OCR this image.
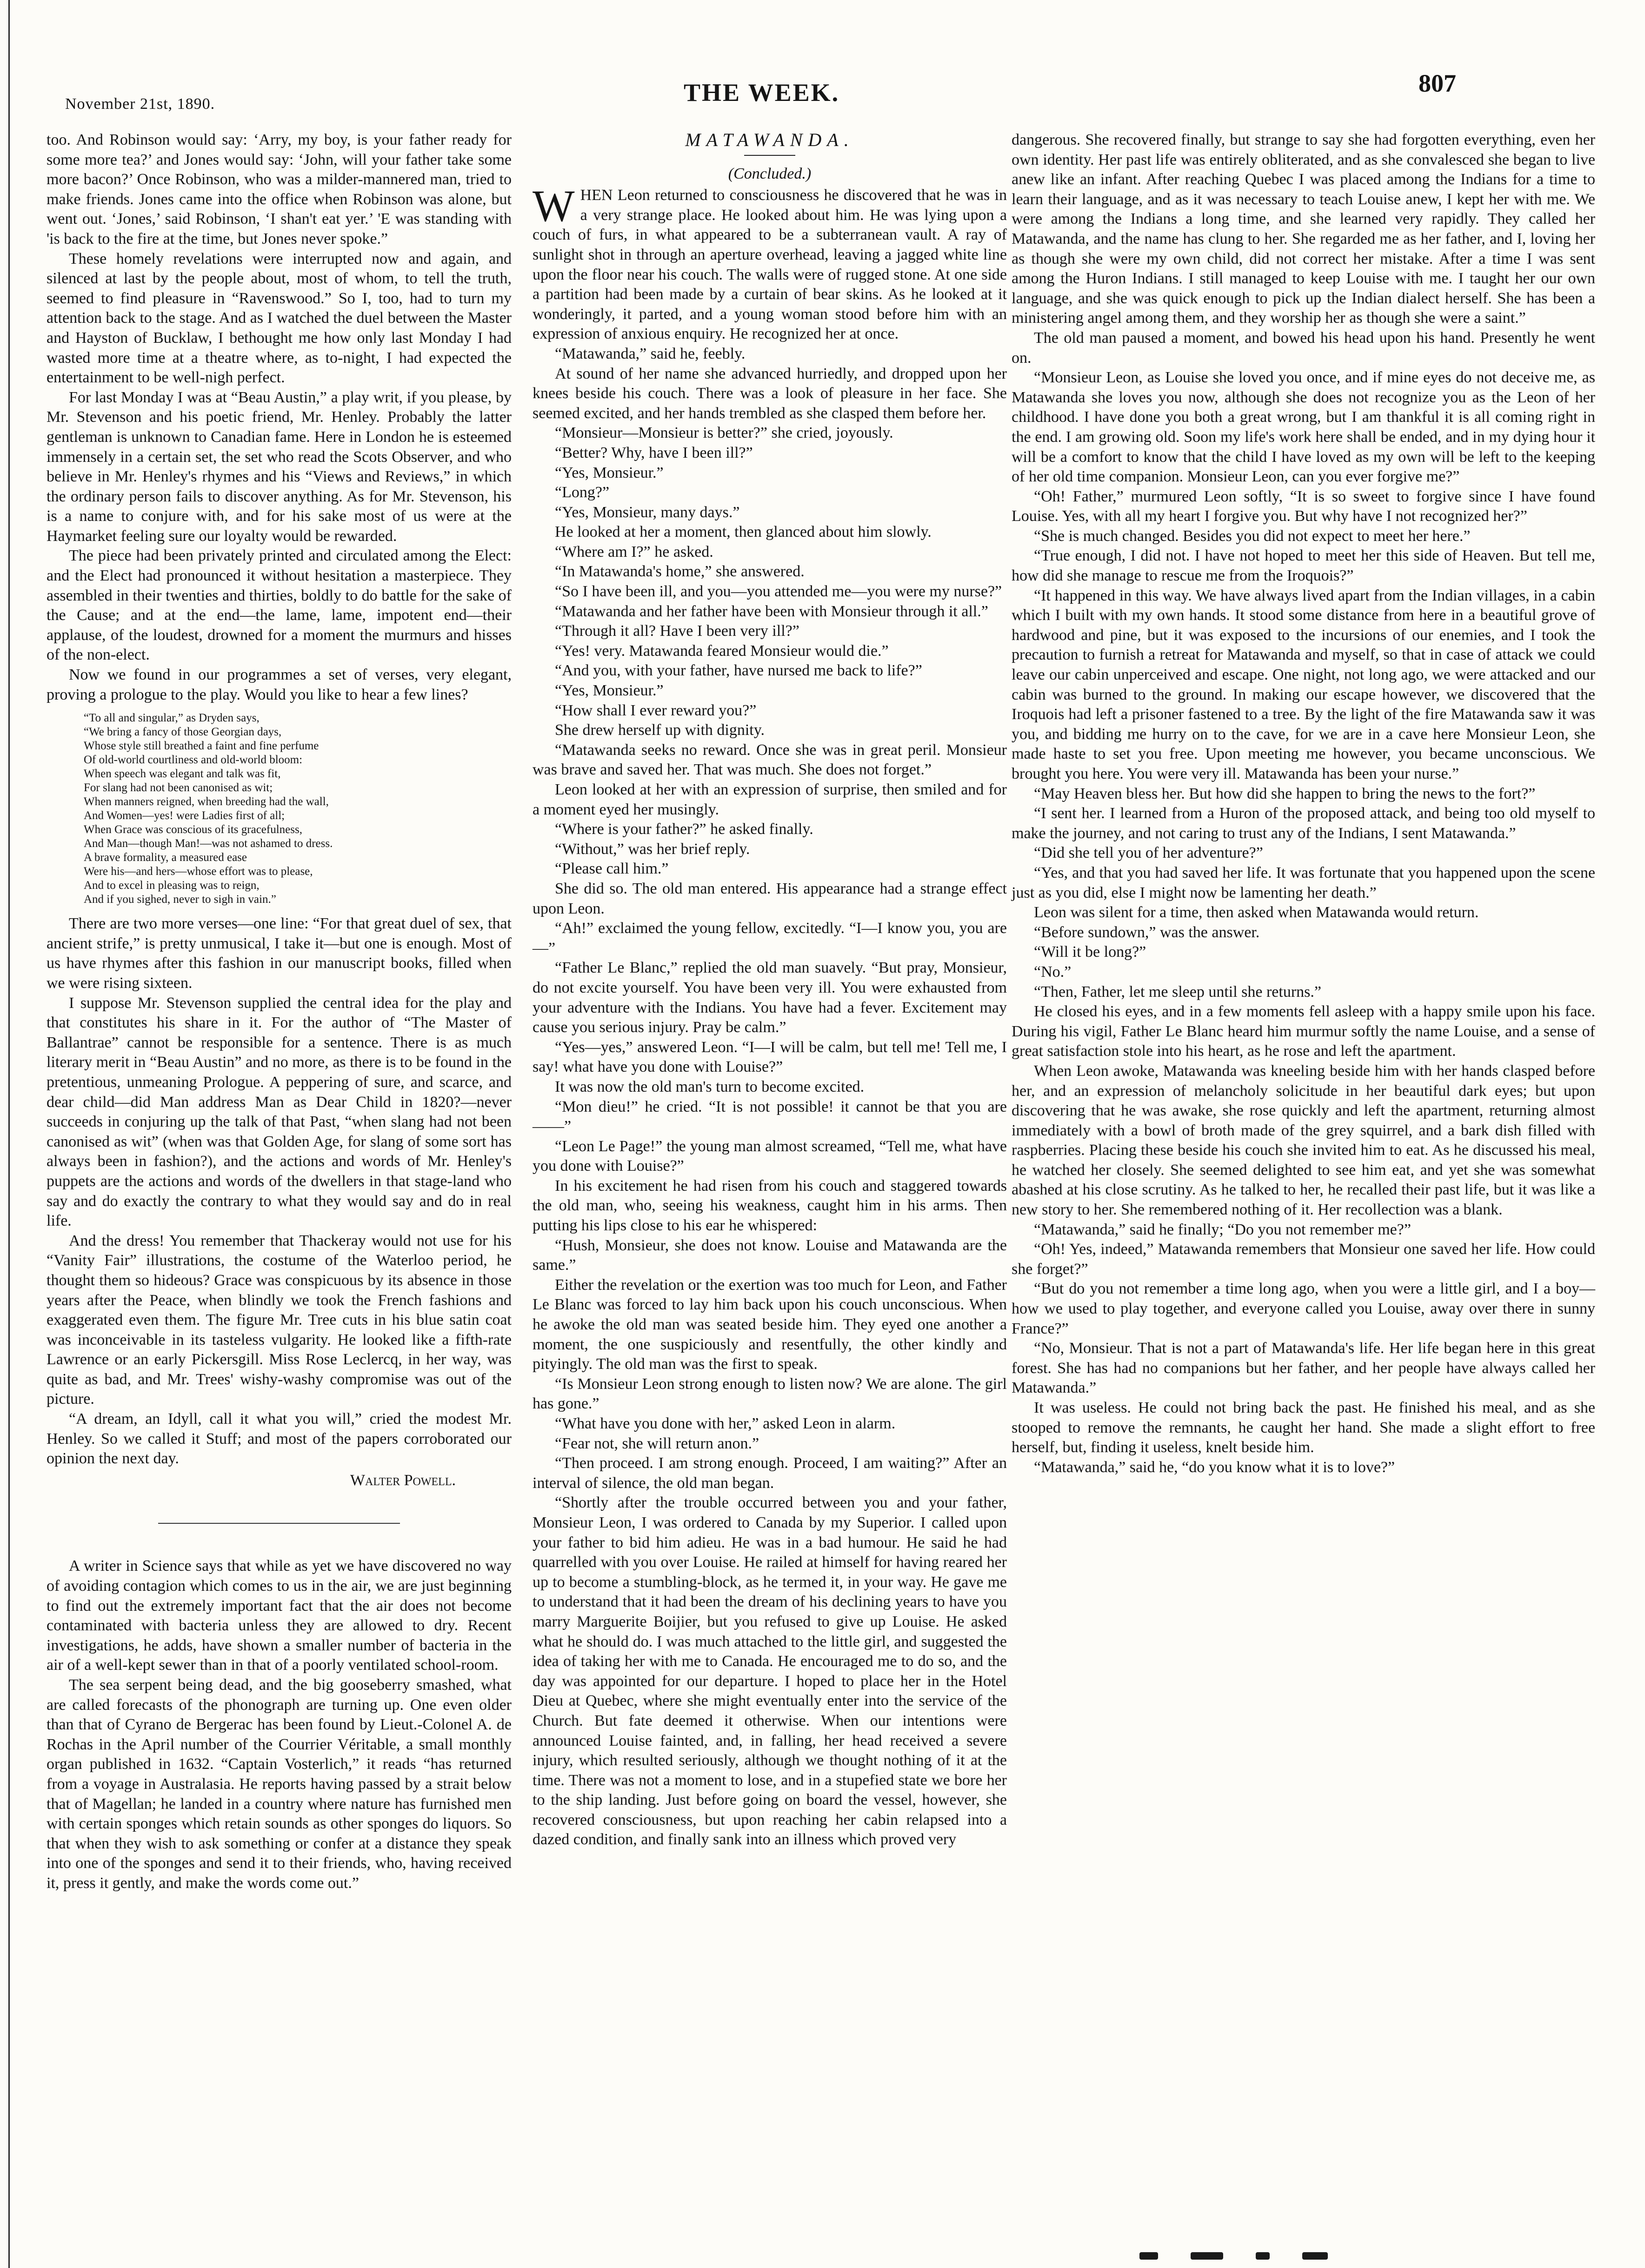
November 21st, 1890.	THE WEEK.	807

too. And Robinson would say: ‘Arry, my boy, is your father ready for some more tea?’ and Jones would say: ‘John, will your father take some more bacon?’ Once Robinson, who was a milder-mannered man, tried to make friends. Jones came into the office when Robinson was alone, but went out. ‘Jones,’ said Robinson, ‘I shan't eat yer.’ 'E was standing with 'is back to the fire at the time, but Jones never spoke.”

These homely revelations were interrupted now and again, and silenced at last by the people about, most of whom, to tell the truth, seemed to find pleasure in “Ravenswood.” So I, too, had to turn my attention back to the stage. And as I watched the duel between the Master and Hayston of Bucklaw, I bethought me how only last Monday I had wasted more time at a theatre where, as to-night, I had expected the entertainment to be well-nigh perfect.

For last Monday I was at “Beau Austin,” a play writ, if you please, by Mr. Stevenson and his poetic friend, Mr. Henley. Probably the latter gentleman is unknown to Canadian fame. Here in London he is esteemed immensely in a certain set, the set who read the Scots Observer, and who believe in Mr. Henley's rhymes and his “Views and Reviews,” in which the ordinary person fails to discover anything. As for Mr. Stevenson, his is a name to conjure with, and for his sake most of us were at the Haymarket feeling sure our loyalty would be rewarded.

The piece had been privately printed and circulated among the Elect: and the Elect had pronounced it without hesitation a masterpiece. They assembled in their twenties and thirties, boldly to do battle for the sake of the Cause; and at the end—the lame, lame, impotent end—their applause, of the loudest, drowned for a moment the murmurs and hisses of the non-elect.

Now we found in our programmes a set of verses, very elegant, proving a prologue to the play. Would you like to hear a few lines?

“To all and singular,” as Dryden says,
“We bring a fancy of those Georgian days,
Whose style still breathed a faint and fine perfume
Of old-world courtliness and old-world bloom:
When speech was elegant and talk was fit,
For slang had not been canonised as wit;
When manners reigned, when breeding had the wall,
And Women—yes! were Ladies first of all;
When Grace was conscious of its gracefulness,
And Man—though Man!—was not ashamed to dress.
A brave formality, a measured ease
Were his—and hers—whose effort was to please,
And to excel in pleasing was to reign,
And if you sighed, never to sigh in vain.”

There are two more verses—one line: “For that great duel of sex, that ancient strife,” is pretty unmusical, I take it—but one is enough. Most of us have rhymes after this fashion in our manuscript books, filled when we were rising sixteen.

I suppose Mr. Stevenson supplied the central idea for the play and that constitutes his share in it. For the author of “The Master of Ballantrae” cannot be responsible for a sentence. There is as much literary merit in “Beau Austin” and no more, as there is to be found in the pretentious, unmeaning Prologue. A peppering of sure, and scarce, and dear child—did Man address Man as Dear Child in 1820?—never succeeds in conjuring up the talk of that Past, “when slang had not been canonised as wit” (when was that Golden Age, for slang of some sort has always been in fashion?), and the actions and words of Mr. Henley's puppets are the actions and words of the dwellers in that stage-land who say and do exactly the contrary to what they would say and do in real life.

And the dress! You remember that Thackeray would not use for his “Vanity Fair” illustrations, the costume of the Waterloo period, he thought them so hideous? Grace was conspicuous by its absence in those years after the Peace, when blindly we took the French fashions and exaggerated even them. The figure Mr. Tree cuts in his blue satin coat was inconceivable in its tasteless vulgarity. He looked like a fifth-rate Lawrence or an early Pickersgill. Miss Rose Leclercq, in her way, was quite as bad, and Mr. Trees' wishy-washy compromise was out of the picture.

“A dream, an Idyll, call it what you will,” cried the modest Mr. Henley. So we called it Stuff; and most of the papers corroborated our opinion the next day.

Walter Powell.

A writer in Science says that while as yet we have discovered no way of avoiding contagion which comes to us in the air, we are just beginning to find out the extremely important fact that the air does not become contaminated with bacteria unless they are allowed to dry. Recent investigations, he adds, have shown a smaller number of bacteria in the air of a well-kept sewer than in that of a poorly ventilated school-room.

The sea serpent being dead, and the big gooseberry smashed, what are called forecasts of the phonograph are turning up. One even older than that of Cyrano de Bergerac has been found by Lieut.-Colonel A. de Rochas in the April number of the Courrier Véritable, a small monthly organ published in 1632. “Captain Vosterlich,” it reads “has returned from a voyage in Australasia. He reports having passed by a strait below that of Magellan; he landed in a country where nature has furnished men with certain sponges which retain sounds as other sponges do liquors. So that when they wish to ask something or confer at a distance they speak into one of the sponges and send it to their friends, who, having received it, press it gently, and make the words come out.”

MATAWANDA.
(Concluded.)

WHEN Leon returned to consciousness he discovered that he was in a very strange place. He looked about him. He was lying upon a couch of furs, in what appeared to be a subterranean vault. A ray of sunlight shot in through an aperture overhead, leaving a jagged white line upon the floor near his couch. The walls were of rugged stone. At one side a partition had been made by a curtain of bear skins. As he looked at it wonderingly, it parted, and a young woman stood before him with an expression of anxious enquiry. He recognized her at once.

“Matawanda,” said he, feebly.

At sound of her name she advanced hurriedly, and dropped upon her knees beside his couch. There was a look of pleasure in her face. She seemed excited, and her hands trembled as she clasped them before her.

“Monsieur—Monsieur is better?” she cried, joyously.

“Better? Why, have I been ill?”

“Yes, Monsieur.”

“Long?”

“Yes, Monsieur, many days.”

He looked at her a moment, then glanced about him slowly.

“Where am I?” he asked.

“In Matawanda's home,” she answered.

“So I have been ill, and you—you attended me—you were my nurse?”

“Matawanda and her father have been with Monsieur through it all.”

“Through it all? Have I been very ill?”

“Yes! very. Matawanda feared Monsieur would die.”

“And you, with your father, have nursed me back to life?”

“Yes, Monsieur.”

“How shall I ever reward you?”

She drew herself up with dignity.

“Matawanda seeks no reward. Once she was in great peril. Monsieur was brave and saved her. That was much. She does not forget.”

Leon looked at her with an expression of surprise, then smiled and for a moment eyed her musingly.

“Where is your father?” he asked finally.

“Without,” was her brief reply.

“Please call him.”

She did so. The old man entered. His appearance had a strange effect upon Leon.

“Ah!” exclaimed the young fellow, excitedly. “I—I know you, you are—”

“Father Le Blanc,” replied the old man suavely. “But pray, Monsieur, do not excite yourself. You have been very ill. You were exhausted from your adventure with the Indians. You have had a fever. Excitement may cause you serious injury. Pray be calm.”

“Yes—yes,” answered Leon. “I—I will be calm, but tell me! Tell me, I say! what have you done with Louise?”

It was now the old man's turn to become excited.

“Mon dieu!” he cried. “It is not possible! it cannot be that you are——”

“Leon Le Page!” the young man almost screamed, “Tell me, what have you done with Louise?”

In his excitement he had risen from his couch and staggered towards the old man, who, seeing his weakness, caught him in his arms. Then putting his lips close to his ear he whispered:

“Hush, Monsieur, she does not know. Louise and Matawanda are the same.”

Either the revelation or the exertion was too much for Leon, and Father Le Blanc was forced to lay him back upon his couch unconscious. When he awoke the old man was seated beside him. They eyed one another a moment, the one suspiciously and resentfully, the other kindly and pityingly. The old man was the first to speak.

“Is Monsieur Leon strong enough to listen now? We are alone. The girl has gone.”

“What have you done with her,” asked Leon in alarm.

“Fear not, she will return anon.”

“Then proceed. I am strong enough. Proceed, I am waiting?” After an interval of silence, the old man began.

“Shortly after the trouble occurred between you and your father, Monsieur Leon, I was ordered to Canada by my Superior. I called upon your father to bid him adieu. He was in a bad humour. He said he had quarrelled with you over Louise. He railed at himself for having reared her up to become a stumbling-block, as he termed it, in your way. He gave me to understand that it had been the dream of his declining years to have you marry Marguerite Boijier, but you refused to give up Louise. He asked what he should do. I was much attached to the little girl, and suggested the idea of taking her with me to Canada. He encouraged me to do so, and the day was appointed for our departure. I hoped to place her in the Hotel Dieu at Quebec, where she might eventually enter into the service of the Church. But fate deemed it otherwise. When our intentions were announced Louise fainted, and, in falling, her head received a severe injury, which resulted seriously, although we thought nothing of it at the time. There was not a moment to lose, and in a stupefied state we bore her to the ship landing. Just before going on board the vessel, however, she recovered consciousness, but upon reaching her cabin relapsed into a dazed condition, and finally sank into an illness which proved very

dangerous. She recovered finally, but strange to say she had forgotten everything, even her own identity. Her past life was entirely obliterated, and as she convalesced she began to live anew like an infant. After reaching Quebec I was placed among the Indians for a time to learn their language, and as it was necessary to teach Louise anew, I kept her with me. We were among the Indians a long time, and she learned very rapidly. They called her Matawanda, and the name has clung to her. She regarded me as her father, and I, loving her as though she were my own child, did not correct her mistake. After a time I was sent among the Huron Indians. I still managed to keep Louise with me. I taught her our own language, and she was quick enough to pick up the Indian dialect herself. She has been a ministering angel among them, and they worship her as though she were a saint.”

The old man paused a moment, and bowed his head upon his hand. Presently he went on.

“Monsieur Leon, as Louise she loved you once, and if mine eyes do not deceive me, as Matawanda she loves you now, although she does not recognize you as the Leon of her childhood. I have done you both a great wrong, but I am thankful it is all coming right in the end. I am growing old. Soon my life's work here shall be ended, and in my dying hour it will be a comfort to know that the child I have loved as my own will be left to the keeping of her old time companion. Monsieur Leon, can you ever forgive me?”

“Oh! Father,” murmured Leon softly, “It is so sweet to forgive since I have found Louise. Yes, with all my heart I forgive you. But why have I not recognized her?”

“She is much changed. Besides you did not expect to meet her here.”

“True enough, I did not. I have not hoped to meet her this side of Heaven. But tell me, how did she manage to rescue me from the Iroquois?”

“It happened in this way. We have always lived apart from the Indian villages, in a cabin which I built with my own hands. It stood some distance from here in a beautiful grove of hardwood and pine, but it was exposed to the incursions of our enemies, and I took the precaution to furnish a retreat for Matawanda and myself, so that in case of attack we could leave our cabin unperceived and escape. One night, not long ago, we were attacked and our cabin was burned to the ground. In making our escape however, we discovered that the Iroquois had left a prisoner fastened to a tree. By the light of the fire Matawanda saw it was you, and bidding me hurry on to the cave, for we are in a cave here Monsieur Leon, she made haste to set you free. Upon meeting me however, you became unconscious. We brought you here. You were very ill. Matawanda has been your nurse.”

“May Heaven bless her. But how did she happen to bring the news to the fort?”

“I sent her. I learned from a Huron of the proposed attack, and being too old myself to make the journey, and not caring to trust any of the Indians, I sent Matawanda.”

“Did she tell you of her adventure?”

“Yes, and that you had saved her life. It was fortunate that you happened upon the scene just as you did, else I might now be lamenting her death.”

Leon was silent for a time, then asked when Matawanda would return.

“Before sundown,” was the answer.

“Will it be long?”

“No.”

“Then, Father, let me sleep until she returns.”

He closed his eyes, and in a few moments fell asleep with a happy smile upon his face. During his vigil, Father Le Blanc heard him murmur softly the name Louise, and a sense of great satisfaction stole into his heart, as he rose and left the apartment.

When Leon awoke, Matawanda was kneeling beside him with her hands clasped before her, and an expression of melancholy solicitude in her beautiful dark eyes; but upon discovering that he was awake, she rose quickly and left the apartment, returning almost immediately with a bowl of broth made of the grey squirrel, and a bark dish filled with raspberries. Placing these beside his couch she invited him to eat. As he discussed his meal, he watched her closely. She seemed delighted to see him eat, and yet she was somewhat abashed at his close scrutiny. As he talked to her, he recalled their past life, but it was like a new story to her. She remembered nothing of it. Her recollection was a blank.

“Matawanda,” said he finally; “Do you not remember me?”

“Oh! Yes, indeed,” Matawanda remembers that Monsieur one saved her life. How could she forget?”

“But do you not remember a time long ago, when you were a little girl, and I a boy—how we used to play together, and everyone called you Louise, away over there in sunny France?”

“No, Monsieur. That is not a part of Matawanda's life. Her life began here in this great forest. She has had no companions but her father, and her people have always called her Matawanda.”

It was useless. He could not bring back the past. He finished his meal, and as she stooped to remove the remnants, he caught her hand. She made a slight effort to free herself, but, finding it useless, knelt beside him.

“Matawanda,” said he, “do you know what it is to love?”
